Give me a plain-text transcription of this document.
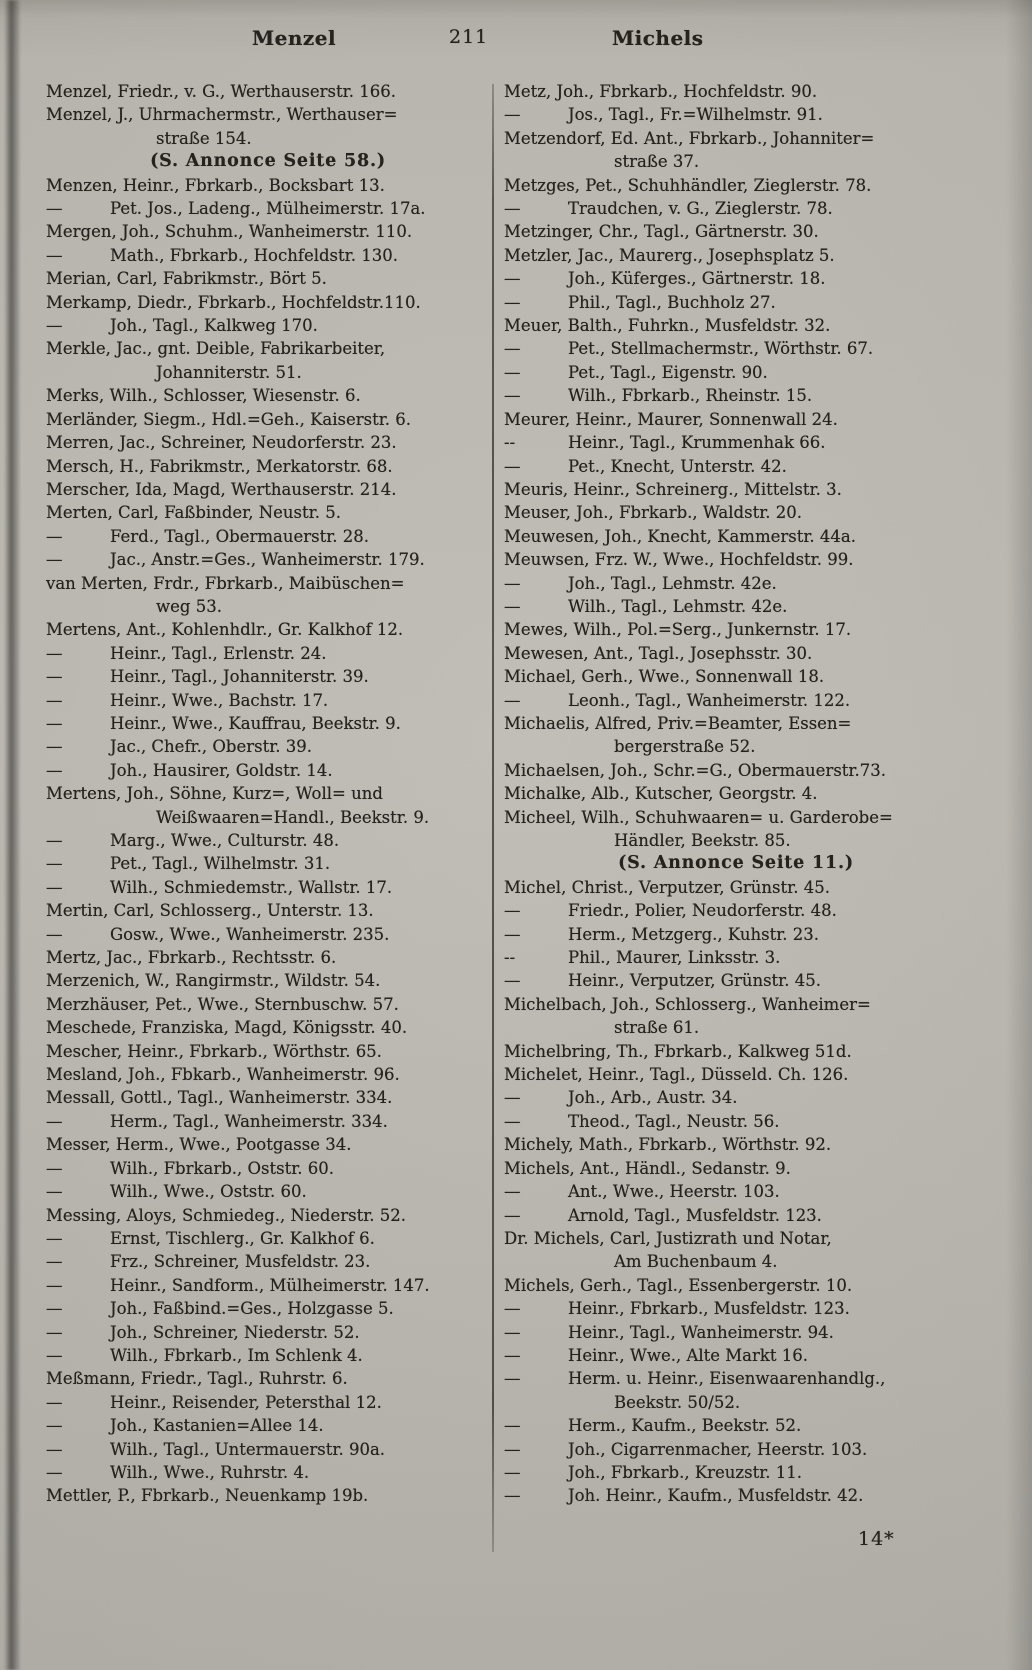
Menzel	211	Michels
Menzel, Friedr., v. G., Werthauserstr. 166.
Menzel, J., Uhrmachermstr., Werthauser=
straße 154.
(S. Annonce Seite 58.)
Menzen, Heinr., Fbrkarb., Bocksbart 13.
—	Pet. Jos., Ladeng., Mülheimerstr. 17a.
Mergen, Joh., Schuhm., Wanheimerstr. 110.
—	Math., Fbrkarb., Hochfeldstr. 130.
Merian, Carl, Fabrikmstr., Bört 5.
Merkamp, Diedr., Fbrkarb., Hochfeldstr.110.
—	Joh., Tagl., Kalkweg 170.
Merkle, Jac., gnt. Deible, Fabrikarbeiter,
Johanniterstr. 51.
Merks, Wilh., Schlosser, Wiesenstr. 6.
Merländer, Siegm., Hdl.=Geh., Kaiserstr. 6.
Merren, Jac., Schreiner, Neudorferstr. 23.
Mersch, H., Fabrikmstr., Merkatorstr. 68.
Merscher, Ida, Magd, Werthauserstr. 214.
Merten, Carl, Faßbinder, Neustr. 5.
—	Ferd., Tagl., Obermauerstr. 28.
—	Jac., Anstr.=Ges., Wanheimerstr. 179.
van Merten, Frdr., Fbrkarb., Maibüschen=
weg 53.
Mertens, Ant., Kohlenhdlr., Gr. Kalkhof 12.
—	Heinr., Tagl., Erlenstr. 24.
—	Heinr., Tagl., Johanniterstr. 39.
—	Heinr., Wwe., Bachstr. 17.
—	Heinr., Wwe., Kauffrau, Beekstr. 9.
—	Jac., Chefr., Oberstr. 39.
—	Joh., Hausirer, Goldstr. 14.
Mertens, Joh., Söhne, Kurz=, Woll= und
Weißwaaren=Handl., Beekstr. 9.
—	Marg., Wwe., Culturstr. 48.
—	Pet., Tagl., Wilhelmstr. 31.
—	Wilh., Schmiedemstr., Wallstr. 17.
Mertin, Carl, Schlosserg., Unterstr. 13.
—	Gosw., Wwe., Wanheimerstr. 235.
Mertz, Jac., Fbrkarb., Rechtsstr. 6.
Merzenich, W., Rangirmstr., Wildstr. 54.
Merzhäuser, Pet., Wwe., Sternbuschw. 57.
Meschede, Franziska, Magd, Königsstr. 40.
Mescher, Heinr., Fbrkarb., Wörthstr. 65.
Mesland, Joh., Fbkarb., Wanheimerstr. 96.
Messall, Gottl., Tagl., Wanheimerstr. 334.
—	Herm., Tagl., Wanheimerstr. 334.
Messer, Herm., Wwe., Pootgasse 34.
—	Wilh., Fbrkarb., Oststr. 60.
—	Wilh., Wwe., Oststr. 60.
Messing, Aloys, Schmiedeg., Niederstr. 52.
—	Ernst, Tischlerg., Gr. Kalkhof 6.
—	Frz., Schreiner, Musfeldstr. 23.
—	Heinr., Sandform., Mülheimerstr. 147.
—	Joh., Faßbind.=Ges., Holzgasse 5.
—	Joh., Schreiner, Niederstr. 52.
—	Wilh., Fbrkarb., Im Schlenk 4.
Meßmann, Friedr., Tagl., Ruhrstr. 6.
—	Heinr., Reisender, Petersthal 12.
—	Joh., Kastanien=Allee 14.
—	Wilh., Tagl., Untermauerstr. 90a.
—	Wilh., Wwe., Ruhrstr. 4.
Mettler, P., Fbrkarb., Neuenkamp 19b.
Metz, Joh., Fbrkarb., Hochfeldstr. 90.
—	Jos., Tagl., Fr.=Wilhelmstr. 91.
Metzendorf, Ed. Ant., Fbrkarb., Johanniter=
straße 37.
Metzges, Pet., Schuhhändler, Zieglerstr. 78.
—	Traudchen, v. G., Zieglerstr. 78.
Metzinger, Chr., Tagl., Gärtnerstr. 30.
Metzler, Jac., Maurerg., Josephsplatz 5.
—	Joh., Küferges., Gärtnerstr. 18.
—	Phil., Tagl., Buchholz 27.
Meuer, Balth., Fuhrkn., Musfeldstr. 32.
—	Pet., Stellmachermstr., Wörthstr. 67.
—	Pet., Tagl., Eigenstr. 90.
—	Wilh., Fbrkarb., Rheinstr. 15.
Meurer, Heinr., Maurer, Sonnenwall 24.
--	Heinr., Tagl., Krummenhak 66.
—	Pet., Knecht, Unterstr. 42.
Meuris, Heinr., Schreinerg., Mittelstr. 3.
Meuser, Joh., Fbrkarb., Waldstr. 20.
Meuwesen, Joh., Knecht, Kammerstr. 44a.
Meuwsen, Frz. W., Wwe., Hochfeldstr. 99.
—	Joh., Tagl., Lehmstr. 42e.
—	Wilh., Tagl., Lehmstr. 42e.
Mewes, Wilh., Pol.=Serg., Junkernstr. 17.
Mewesen, Ant., Tagl., Josephsstr. 30.
Michael, Gerh., Wwe., Sonnenwall 18.
—	Leonh., Tagl., Wanheimerstr. 122.
Michaelis, Alfred, Priv.=Beamter, Essen=
bergerstraße 52.
Michaelsen, Joh., Schr.=G., Obermauerstr.73.
Michalke, Alb., Kutscher, Georgstr. 4.
Micheel, Wilh., Schuhwaaren= u. Garderobe=
Händler, Beekstr. 85.
(S. Annonce Seite 11.)
Michel, Christ., Verputzer, Grünstr. 45.
—	Friedr., Polier, Neudorferstr. 48.
—	Herm., Metzgerg., Kuhstr. 23.
--	Phil., Maurer, Linksstr. 3.
—	Heinr., Verputzer, Grünstr. 45.
Michelbach, Joh., Schlosserg., Wanheimer=
straße 61.
Michelbring, Th., Fbrkarb., Kalkweg 51d.
Michelet, Heinr., Tagl., Düsseld. Ch. 126.
—	Joh., Arb., Austr. 34.
—	Theod., Tagl., Neustr. 56.
Michely, Math., Fbrkarb., Wörthstr. 92.
Michels, Ant., Händl., Sedanstr. 9.
—	Ant., Wwe., Heerstr. 103.
—	Arnold, Tagl., Musfeldstr. 123.
Dr. Michels, Carl, Justizrath und Notar,
Am Buchenbaum 4.
Michels, Gerh., Tagl., Essenbergerstr. 10.
—	Heinr., Fbrkarb., Musfeldstr. 123.
—	Heinr., Tagl., Wanheimerstr. 94.
—	Heinr., Wwe., Alte Markt 16.
—	Herm. u. Heinr., Eisenwaarenhandlg.,
Beekstr. 50/52.
—	Herm., Kaufm., Beekstr. 52.
—	Joh., Cigarrenmacher, Heerstr. 103.
—	Joh., Fbrkarb., Kreuzstr. 11.
—	Joh. Heinr., Kaufm., Musfeldstr. 42.
14*
